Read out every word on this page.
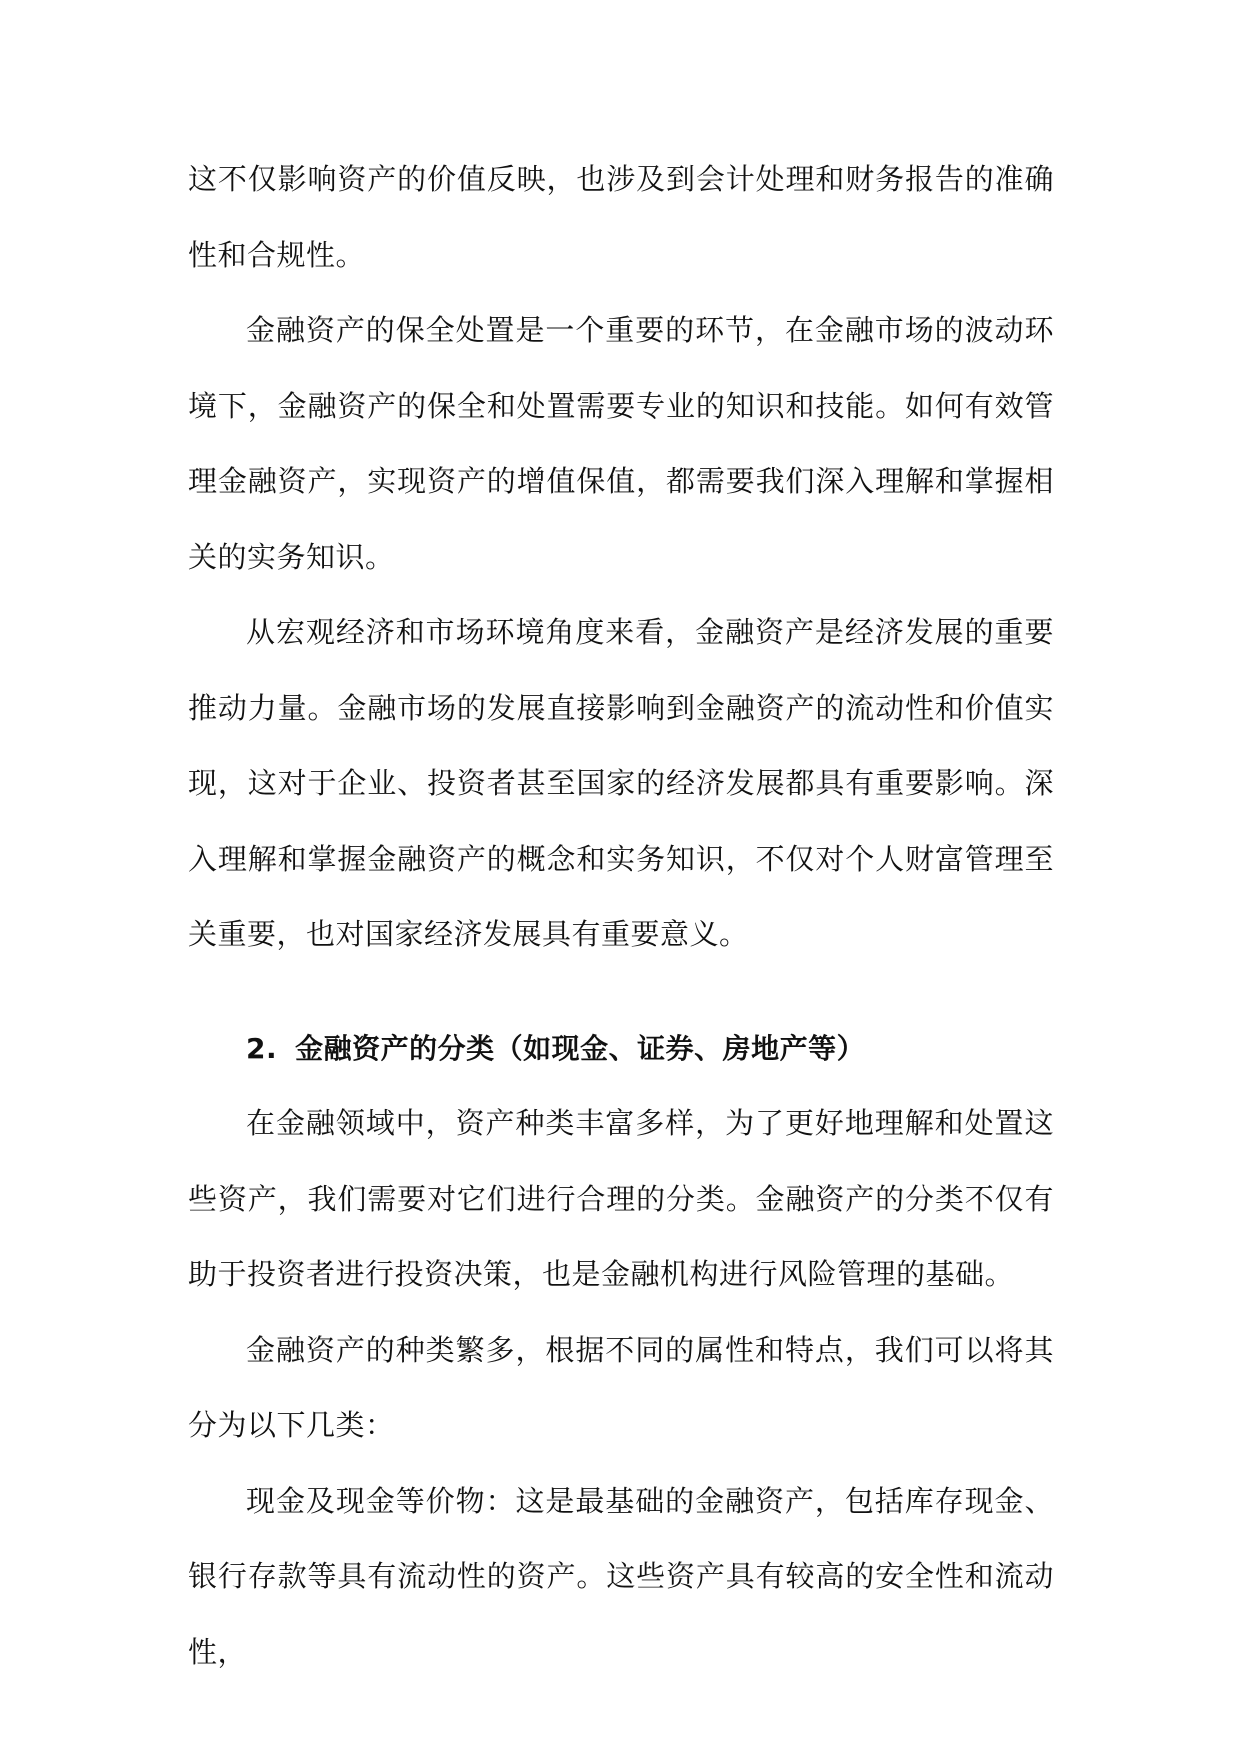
这不仅影响资产的价值反映，也涉及到会计处理和财务报告的准确性和合规性。

金融资产的保全处置是一个重要的环节，在金融市场的波动环境下，金融资产的保全和处置需要专业的知识和技能。如何有效管理金融资产，实现资产的增值保值，都需要我们深入理解和掌握相关的实务知识。

从宏观经济和市场环境角度来看，金融资产是经济发展的重要推动力量。金融市场的发展直接影响到金融资产的流动性和价值实现，这对于企业、投资者甚至国家的经济发展都具有重要影响。深入理解和掌握金融资产的概念和实务知识，不仅对个人财富管理至关重要，也对国家经济发展具有重要意义。

2. 金融资产的分类（如现金、证券、房地产等）

在金融领域中，资产种类丰富多样，为了更好地理解和处置这些资产，我们需要对它们进行合理的分类。金融资产的分类不仅有助于投资者进行投资决策，也是金融机构进行风险管理的基础。

金融资产的种类繁多，根据不同的属性和特点，我们可以将其分为以下几类：

现金及现金等价物：这是最基础的金融资产，包括库存现金、银行存款等具有流动性的资产。这些资产具有较高的安全性和流动性，
